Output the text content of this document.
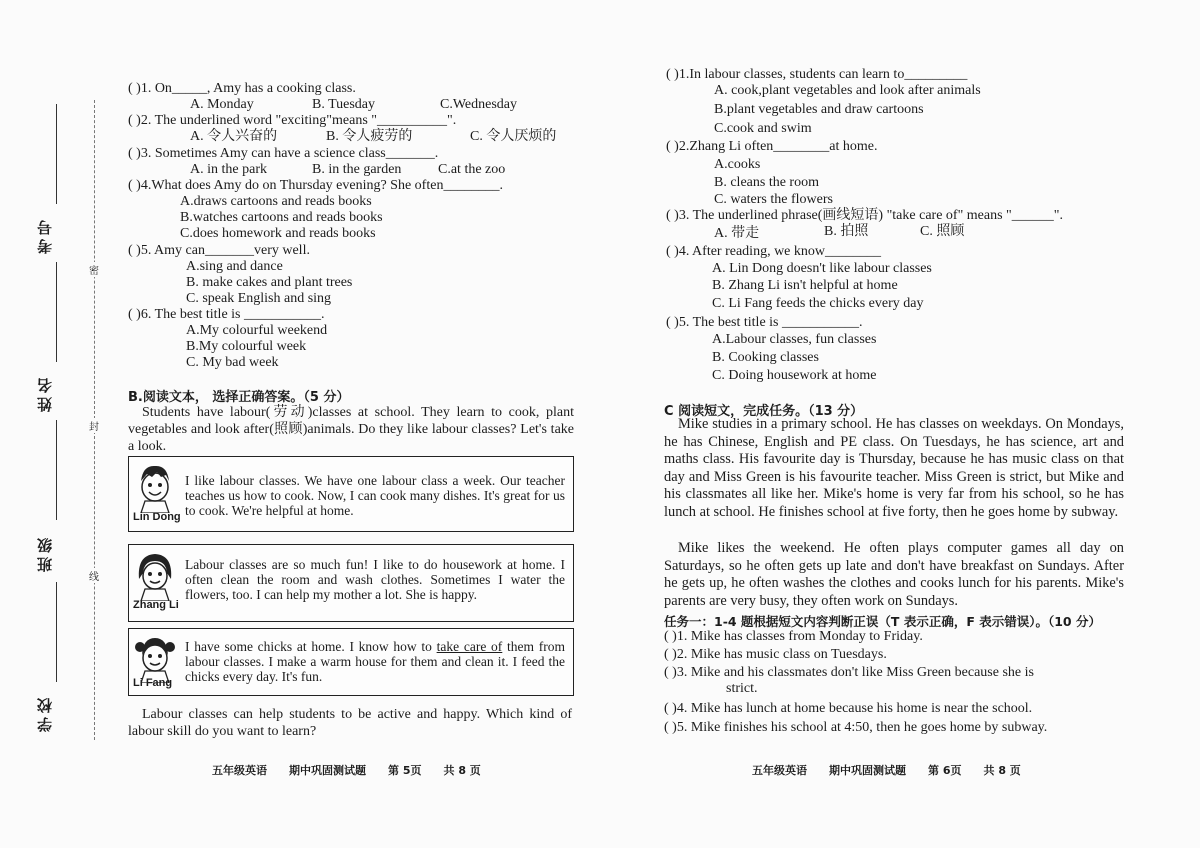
考号
姓名
班级
学校
密
封
线
( )1. On_____, Amy has a cooking class.
A. Monday	B. Tuesday	C.Wednesday
( )2. The underlined word "exciting"means "__________".
A. 令人兴奋的	B. 令人疲劳的	C. 令人厌烦的
( )3. Sometimes Amy can have a science class_______.
A. in the park	B. in the garden	C.at the zoo
( )4.What does Amy do on Thursday evening? She often________.
A.draws cartoons and reads books
B.watches cartoons and reads books
C.does homework and reads books
( )5. Amy can_______very well.
A.sing and dance
B. make cakes and plant trees
C. speak English and sing
( )6. The best title is ___________.
A.My colourful weekend
B.My colourful week
C. My bad week
B.阅读文本， 选择正确答案。（5 分）
Students have labour(劳动)classes at school. They learn to cook, plant vegetables and look after(照顾)animals. Do they like labour classes? Let's take a look.
Lin Dong
I like labour classes. We have one labour class a week. Our teacher teaches us how to cook. Now, I can cook many dishes. It's great for us to cook. We're helpful at home.
Zhang Li
Labour classes are so much fun! I like to do housework at home. I often clean the room and wash clothes. Sometimes I water the flowers, too. I can help my mother a lot. She is happy.
Li Fang
I have some chicks at home. I know how to take care of them from labour classes. I make a warm house for them and clean it. I feed the chicks every day. It's fun.
Labour classes can help students to be active and happy. Which kind of labour skill do you want to learn?
五年级英语 期中巩固测试题 第 5页 共 8 页
( )1.In labour classes, students can learn to_________
A. cook,plant vegetables and look after animals
B.plant vegetables and draw cartoons
C.cook and swim
( )2.Zhang Li often________at home.
A.cooks
B. cleans the room
C. waters the flowers
( )3. The underlined phrase(画线短语) "take care of" means "______".
A. 带走	B. 拍照	C. 照顾
( )4. After reading, we know________
A. Lin Dong doesn't like labour classes
B. Zhang Li isn't helpful at home
C. Li Fang feeds the chicks every day
( )5. The best title is ___________.
A.Labour classes, fun classes
B. Cooking classes
C. Doing housework at home
C 阅读短文，完成任务。（13 分）
Mike studies in a primary school. He has classes on weekdays. On Mondays, he has Chinese, English and PE class. On Tuesdays, he has science, art and maths class. His favourite day is Thursday, because he has music class on that day and Miss Green is his favourite teacher. Miss Green is strict, but Mike and his classmates all like her. Mike's home is very far from his school, so he has lunch at school. He finishes school at five forty, then he goes home by subway.
Mike likes the weekend. He often plays computer games all day on Saturdays, so he often gets up late and don't have breakfast on Sundays. After he gets up, he often washes the clothes and cooks lunch for his parents. Mike's parents are very busy, they often work on Sundays.
任务一：1-4 题根据短文内容判断正误（T 表示正确，F 表示错误）。（10 分）
( )1. Mike has classes from Monday to Friday.
( )2. Mike has music class on Tuesdays.
( )3. Mike and his classmates don't like Miss Green because she is
strict.
( )4. Mike has lunch at home because his home is near the school.
( )5. Mike finishes his school at 4:50, then he goes home by subway.
五年级英语 期中巩固测试题 第 6页 共 8 页
